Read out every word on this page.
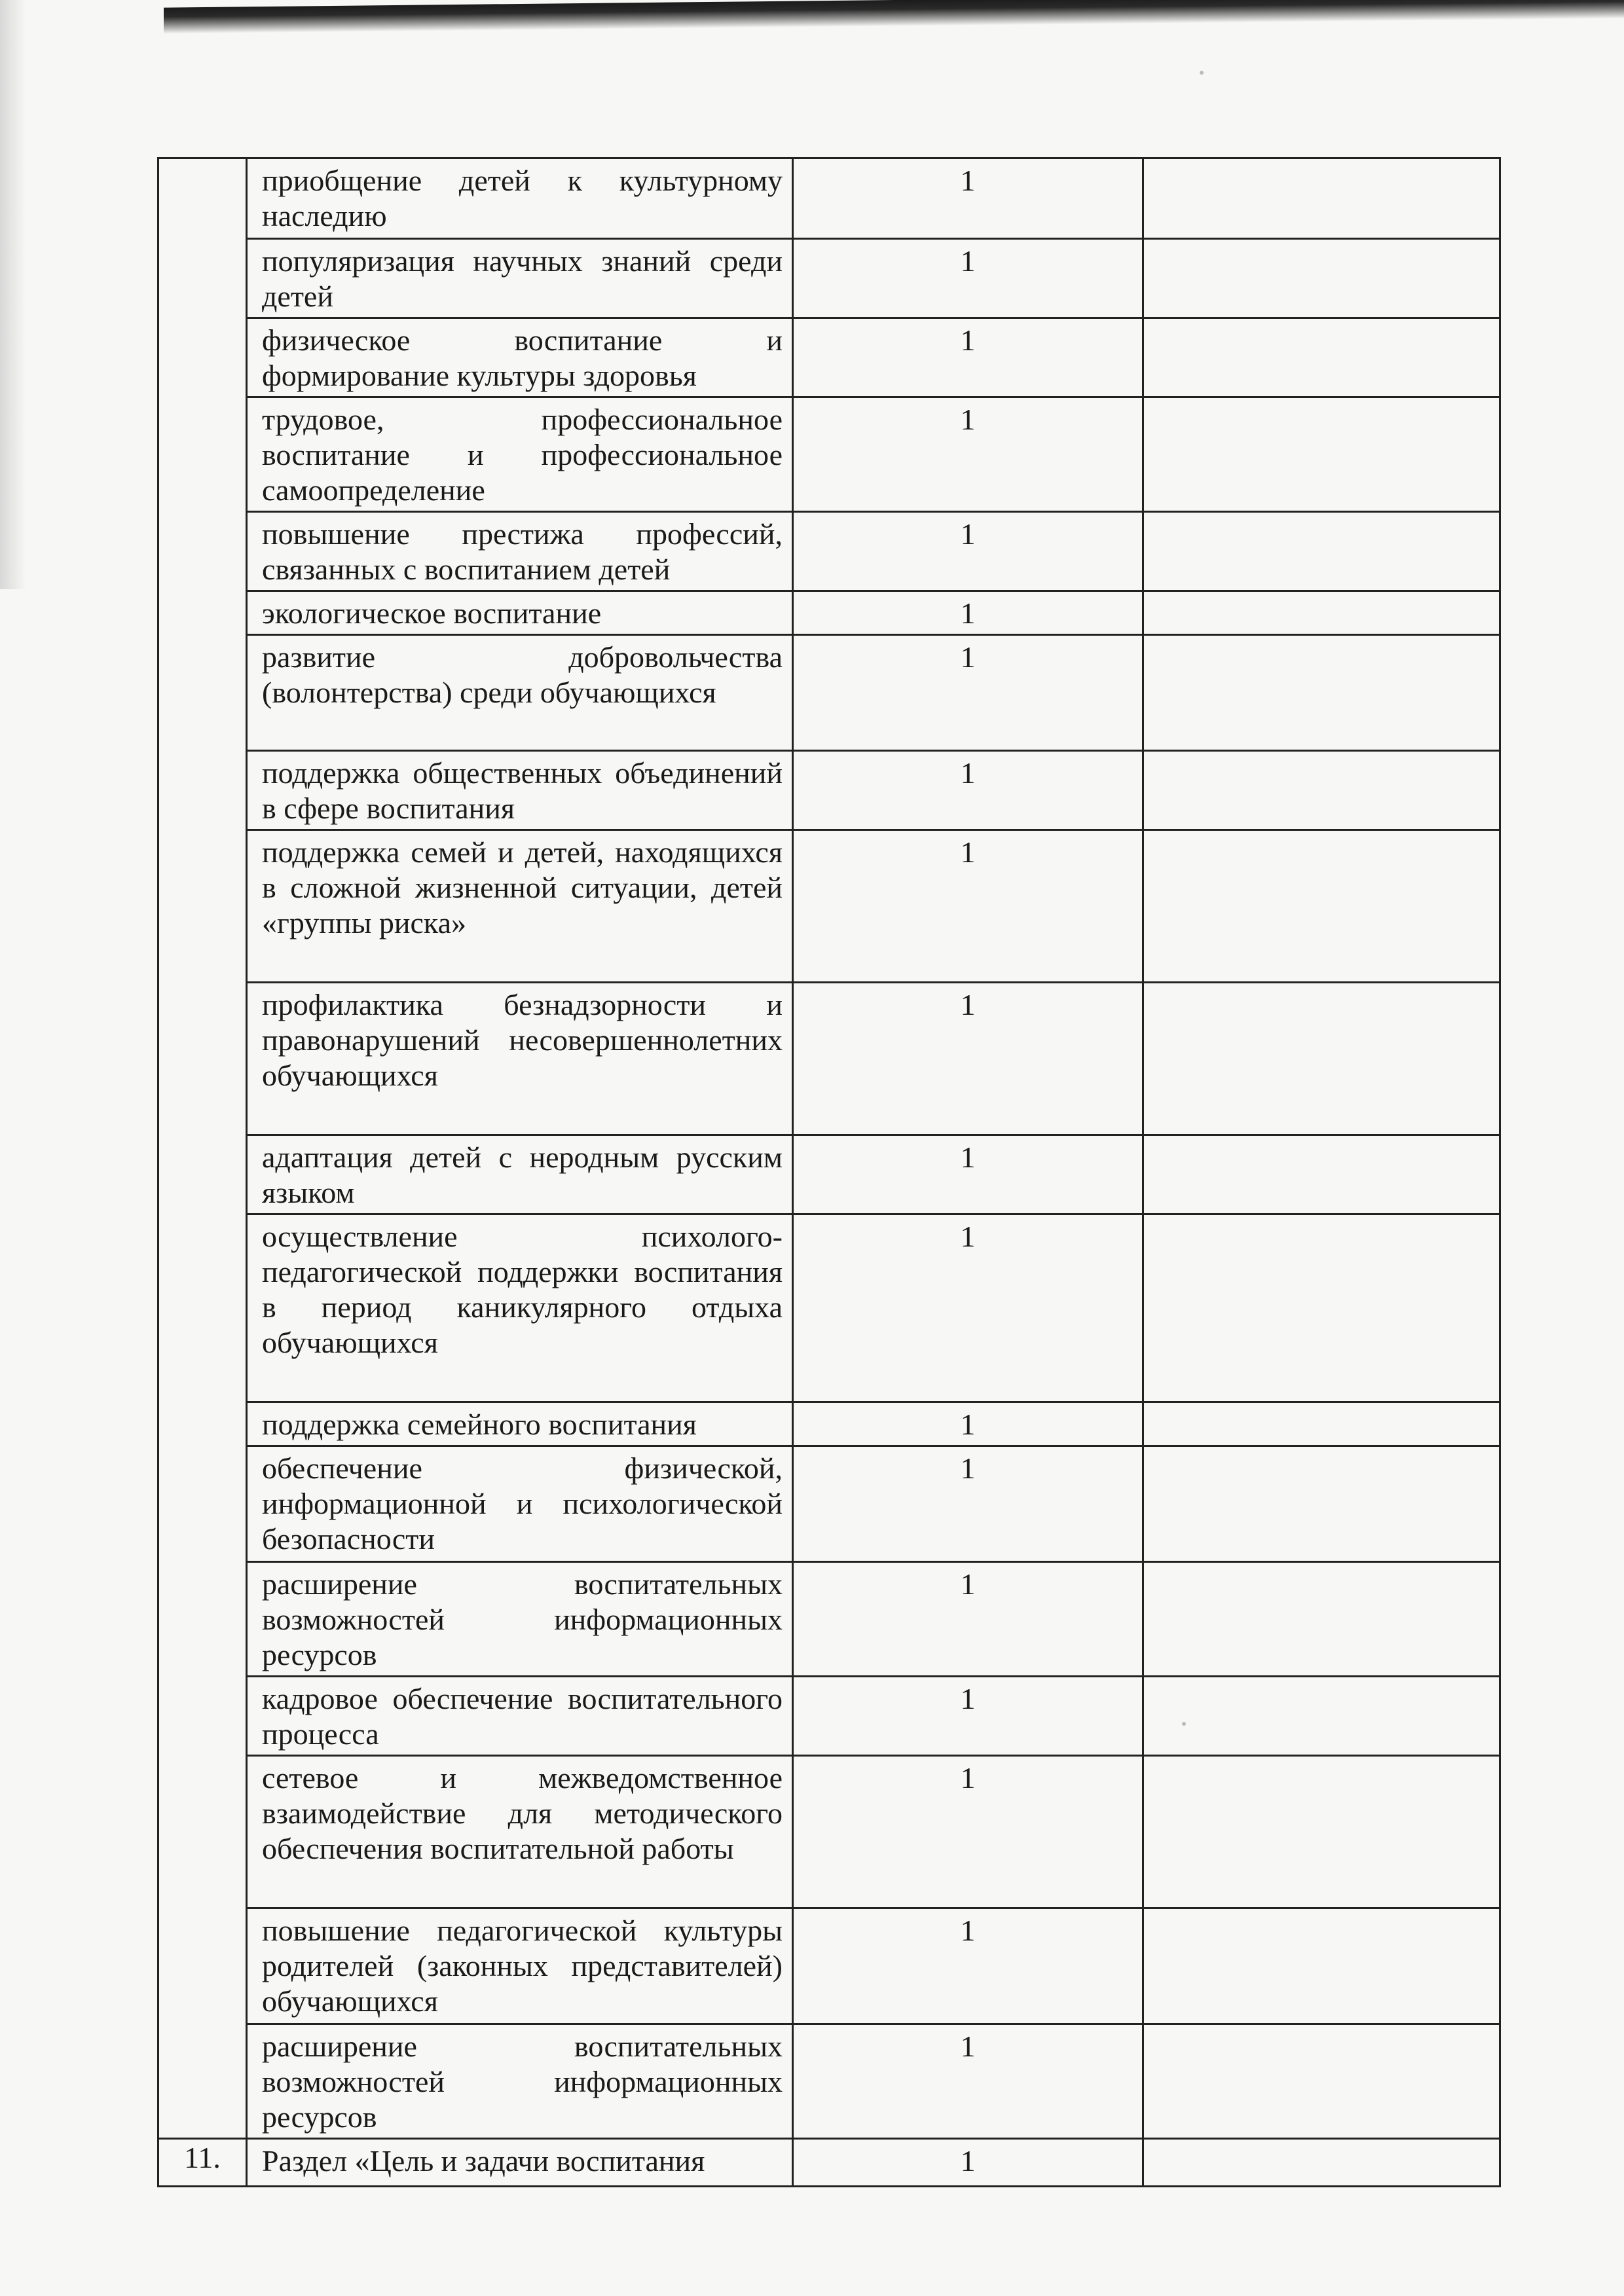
	приобщение детей к культурному наследию	1	
	популяризация научных знаний среди детей	1	
	физическое воспитание и формирование культуры здоровья	1	
	трудовое, профессиональное воспитание и профессиональное самоопределение	1	
	повышение престижа профессий, связанных с воспитанием детей	1	
	экологическое воспитание	1	
	развитие добровольчества (волонтерства) среди обучающихся	1	
	поддержка общественных объединений в сфере воспитания	1	
	поддержка семей и детей, находящихся в сложной жизненной ситуации, детей «группы риска»	1	
	профилактика безнадзорности и правонарушений несовершеннолетних обучающихся	1	
	адаптация детей с неродным русским языком	1	
	осуществление психолого-педагогической поддержки воспитания в период каникулярного отдыха обучающихся	1	
	поддержка семейного воспитания	1	
	обеспечение физической, информационной и психологической безопасности	1	
	расширение воспитательных возможностей информационных ресурсов	1	
	кадровое обеспечение воспитательного процесса	1	
	сетевое и межведомственное взаимодействие для методического обеспечения воспитательной работы	1	
	повышение педагогической культуры родителей (законных представителей) обучающихся	1	
	расширение воспитательных возможностей информационных ресурсов	1	
11.	Раздел «Цель и задачи воспитания	1	
